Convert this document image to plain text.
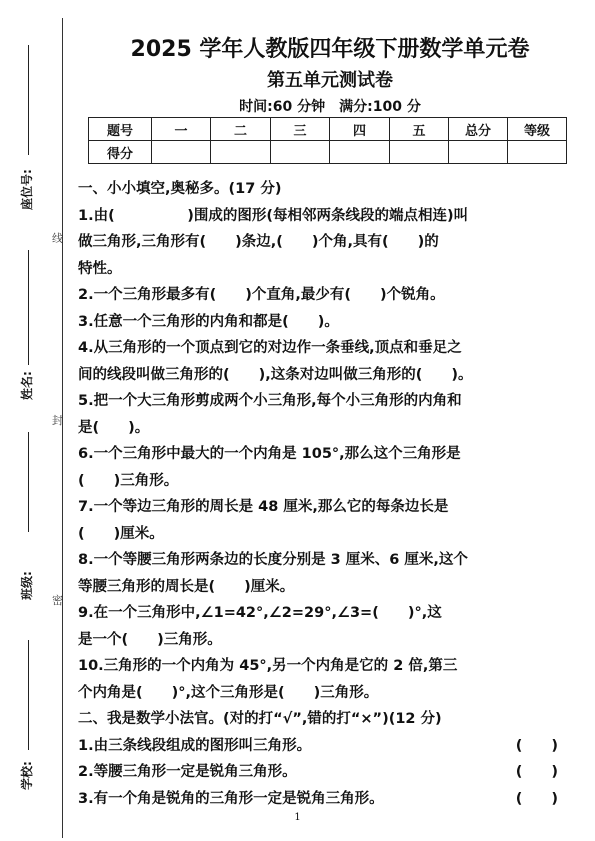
座位号:
姓名:
班级:
学校:
线
封
密
2025 学年人教版四年级下册数学单元卷
第五单元测试卷
时间:60 分钟　满分:100 分
题号	一	二	三	四	五	总分	等级
得分							

一、小小填空,奥秘多。(17 分)

1.由(　　　　　)围成的图形(每相邻两条线段的端点相连)叫

做三角形,三角形有(　　)条边,(　　)个角,具有(　　)的

特性。

2.一个三角形最多有(　　)个直角,最少有(　　)个锐角。

3.任意一个三角形的内角和都是(　　)。

4.从三角形的一个顶点到它的对边作一条垂线,顶点和垂足之

间的线段叫做三角形的(　　),这条对边叫做三角形的(　　)。

5.把一个大三角形剪成两个小三角形,每个小三角形的内角和

是(　　)。

6.一个三角形中最大的一个内角是 105°,那么这个三角形是

(　　)三角形。

7.一个等边三角形的周长是 48 厘米,那么它的每条边长是

(　　)厘米。

8.一个等腰三角形两条边的长度分别是 3 厘米、6 厘米,这个

等腰三角形的周长是(　　)厘米。

9.在一个三角形中,∠1=42°,∠2=29°,∠3=(　　)°,这

是一个(　　)三角形。

10.三角形的一个内角为 45°,另一个内角是它的 2 倍,第三

个内角是(　　)°,这个三角形是(　　)三角形。

二、我是数学小法官。(对的打“√”,错的打“×”)(12 分)

1.由三条线段组成的图形叫三角形。	(　　)
2.等腰三角形一定是锐角三角形。	(　　)
3.有一个角是锐角的三角形一定是锐角三角形。	(　　)
1
